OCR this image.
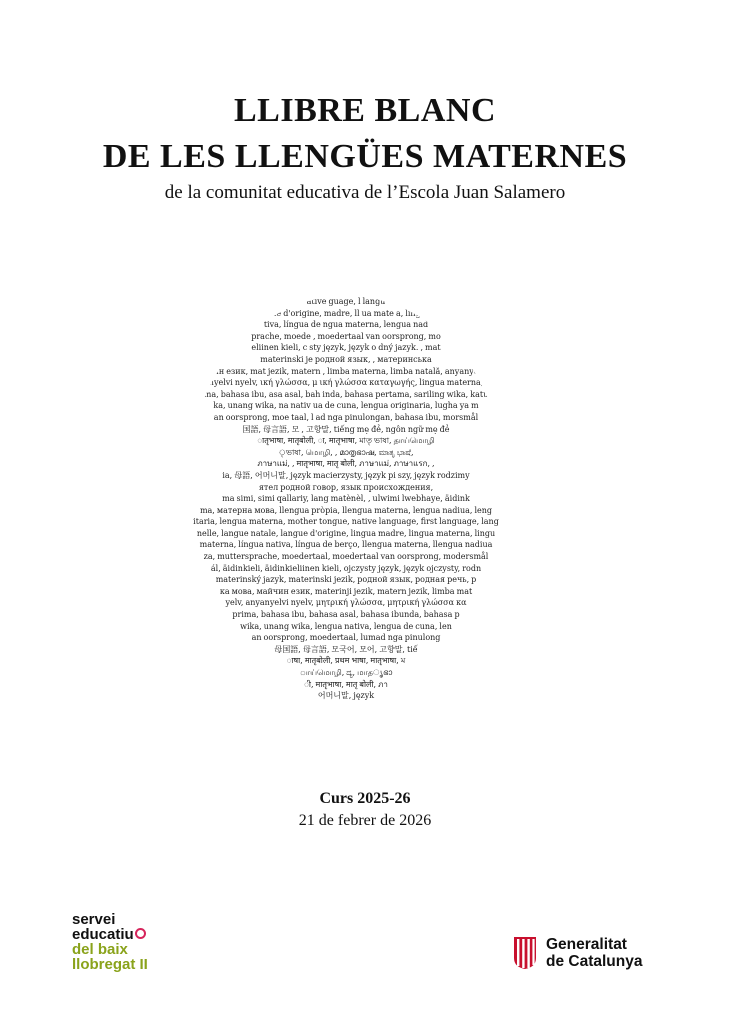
LLIBRE BLANC
DE LES LLENGÜES MATERNES
de la comunitat educativa de l’Escola Juan Salamero
ative guage, l langu
gue d'origine, madre, ll ua mate a, lingu
tiva, língua de ngua materna, lengua nad
prache, moede , moedertaal van oorsprong, mo
eliinen kieli, c sty język, język o dný jazyk. , mat
materinski je родной язык, , материнська
ин език, mat jezik, matern , limba materna, limba natală, anyanye
anyelvi nyelv, ική γλώσσα, μ ική γλώσσα καταγωγής, lingua materna, l
ma, bahasa ibu, asa asal, bah inda, bahasa pertama, sariling wika, katu
ka, unang wika, na nativ ua de cuna, lengua originaria, lugha ya m
an oorsprong, moe taal, l ad nga pinulongan, bahasa ibu, morsmål
国語, 母言語, 모 , 고향말, tiếng mẹ đẻ, ngôn ngữ mẹ đẻ
ातृभाषा, मातृबोली, ा, मातृभाषा, মাতৃ ভাষা, தாய்மொழி
ৃভাষা, மொழி, , മാതൃഭാഷ, ಮಾತೃ ಭಾಷೆ,
ภาษาแม่, , मातृभाषा, मातृ बोली, ภาษาแม่, ภาษาแรก, ,
ia, 母語, 어머니말, język macierzysty, język pi szy, język rodzimy
ятел родной говор, язык происхождения,
ma simi, simi qallariy, lang matènèl, , ulwimi lwebhaye, äidink
ma, матерна мова, llengua pròpia, llengua materna, lengua nadiua, leng
itaria, lengua materna, mother tongue, native language, first language, lang
nelle, langue natale, langue d'origine, lingua madre, lingua materna, lingu
materna, língua nativa, língua de berço, llengua materna, llengua nadiua
za, muttersprache, moedertaal, moedertaal van oorsprong, modersmål
ál, äidinkieli, äidinkieliinen kieli, ojczysty język, język ojczysty, rodn
materinský jazyk, materinski jezik, родной язык, родная речь, р
ка мова, майчин език, materinji jezik, matern jezik, limba mat
yelv, anyanyelvi nyelv, μητρική γλώσσα, μητρική γλώσσα κα
prima, bahasa ibu, bahasa asal, bahasa ibunda, bahasa p
wika, unang wika, lengua nativa, lengua de cuna, len
an oorsprong, moedertaal, lumad nga pinulong
母国語, 母言語, 모국어, 모어, 고향말, tiế
ाषा, मातृबोली, प्रथम भाषा, मातृभाषा, ম
ாய்மொழி, ದ್ಯ, மாதൃഭാ
ी, मातृभाषा, मातृ बोली, ภา
어머니말, język
Curs 2025-26
21 de febrer de 2026
servei
educatiu
del baix
llobregat II
Generalitat
de Catalunya
